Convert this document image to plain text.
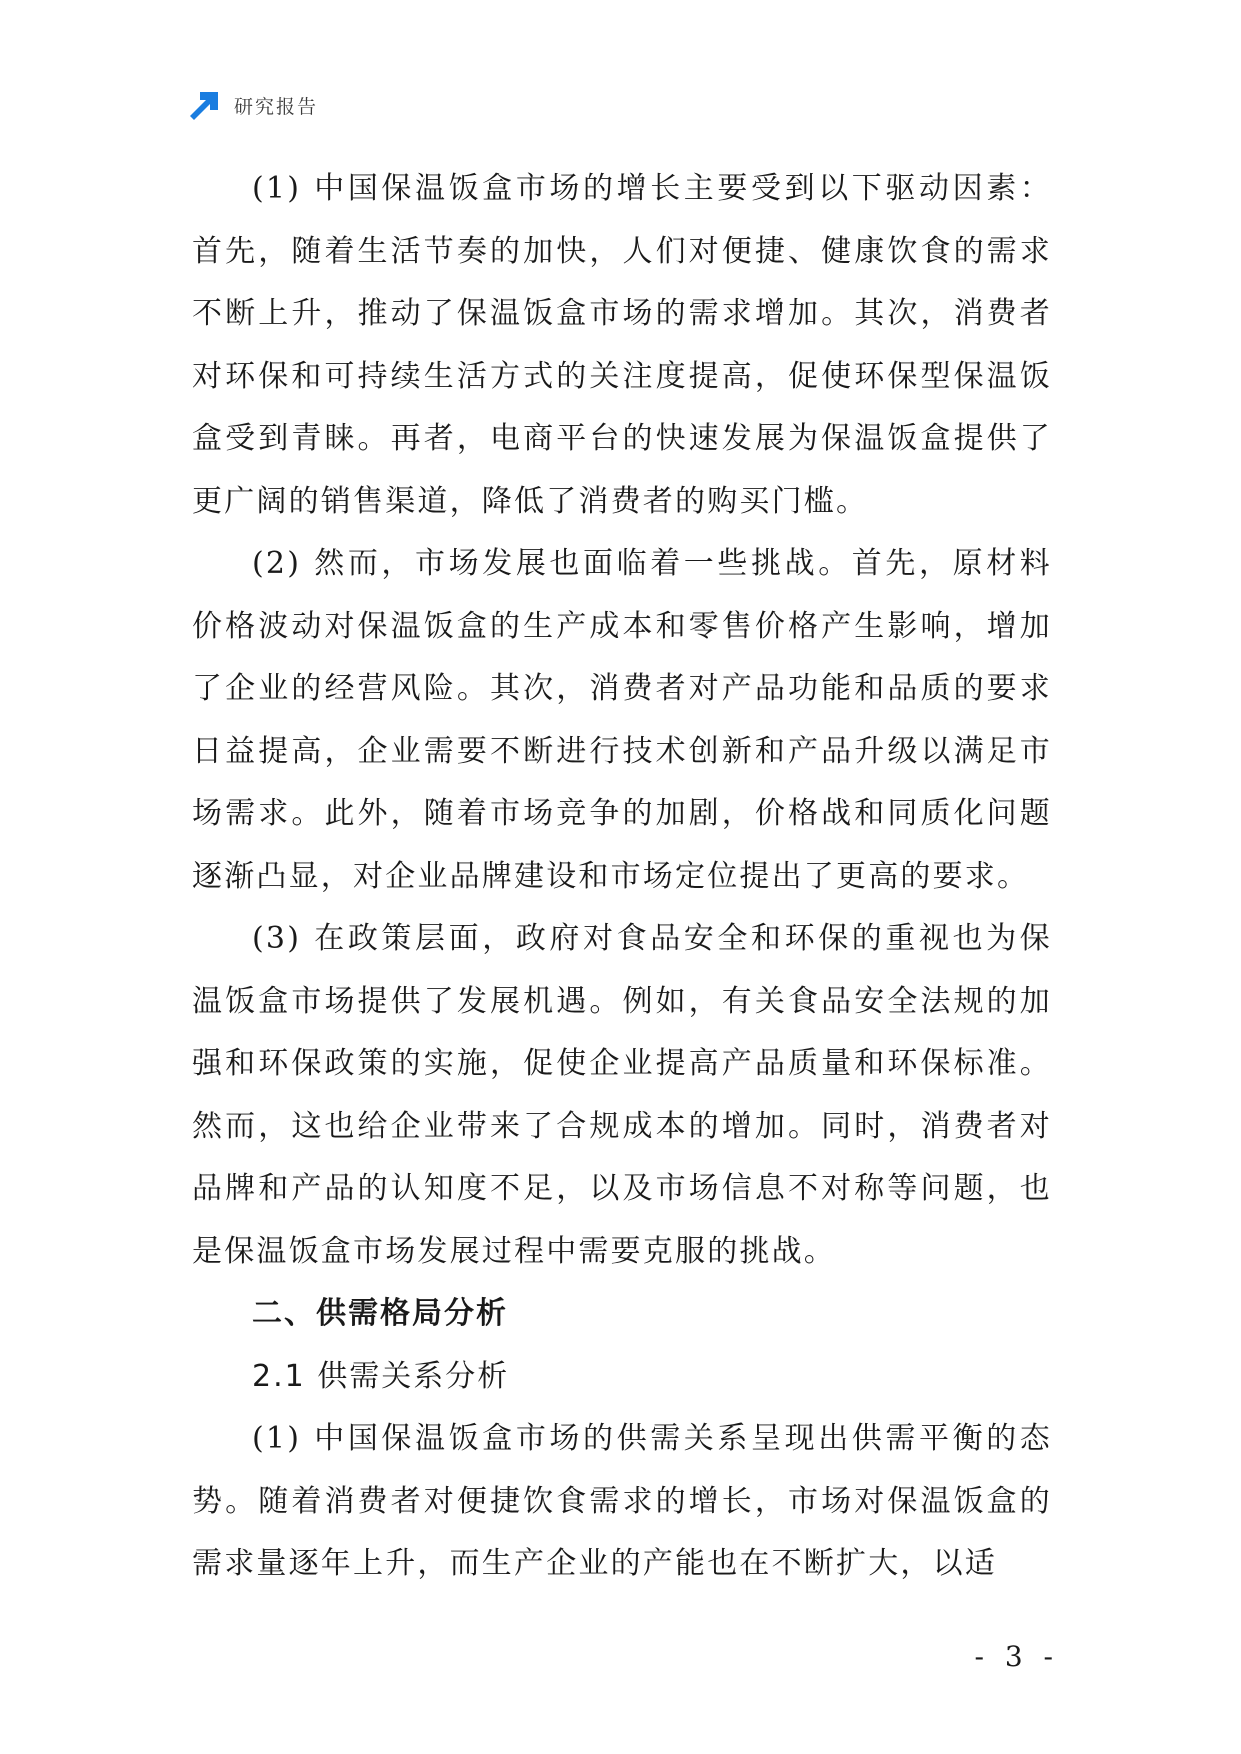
研究报告

(1) 中国保温饭盒市场的增长主要受到以下驱动因素：首先，随着生活节奏的加快，人们对便捷、健康饮食的需求不断上升，推动了保温饭盒市场的需求增加。其次，消费者对环保和可持续生活方式的关注度提高，促使环保型保温饭盒受到青睐。再者，电商平台的快速发展为保温饭盒提供了更广阔的销售渠道，降低了消费者的购买门槛。

(2) 然而，市场发展也面临着一些挑战。首先，原材料价格波动对保温饭盒的生产成本和零售价格产生影响，增加了企业的经营风险。其次，消费者对产品功能和品质的要求日益提高，企业需要不断进行技术创新和产品升级以满足市场需求。此外，随着市场竞争的加剧，价格战和同质化问题逐渐凸显，对企业品牌建设和市场定位提出了更高的要求。

(3) 在政策层面，政府对食品安全和环保的重视也为保温饭盒市场提供了发展机遇。例如，有关食品安全法规的加强和环保政策的实施，促使企业提高产品质量和环保标准。然而，这也给企业带来了合规成本的增加。同时，消费者对品牌和产品的认知度不足，以及市场信息不对称等问题，也是保温饭盒市场发展过程中需要克服的挑战。

二、供需格局分析

2.1 供需关系分析

(1) 中国保温饭盒市场的供需关系呈现出供需平衡的态势。随着消费者对便捷饮食需求的增长，市场对保温饭盒的需求量逐年上升，而生产企业的产能也在不断扩大，以适

- 3 -
